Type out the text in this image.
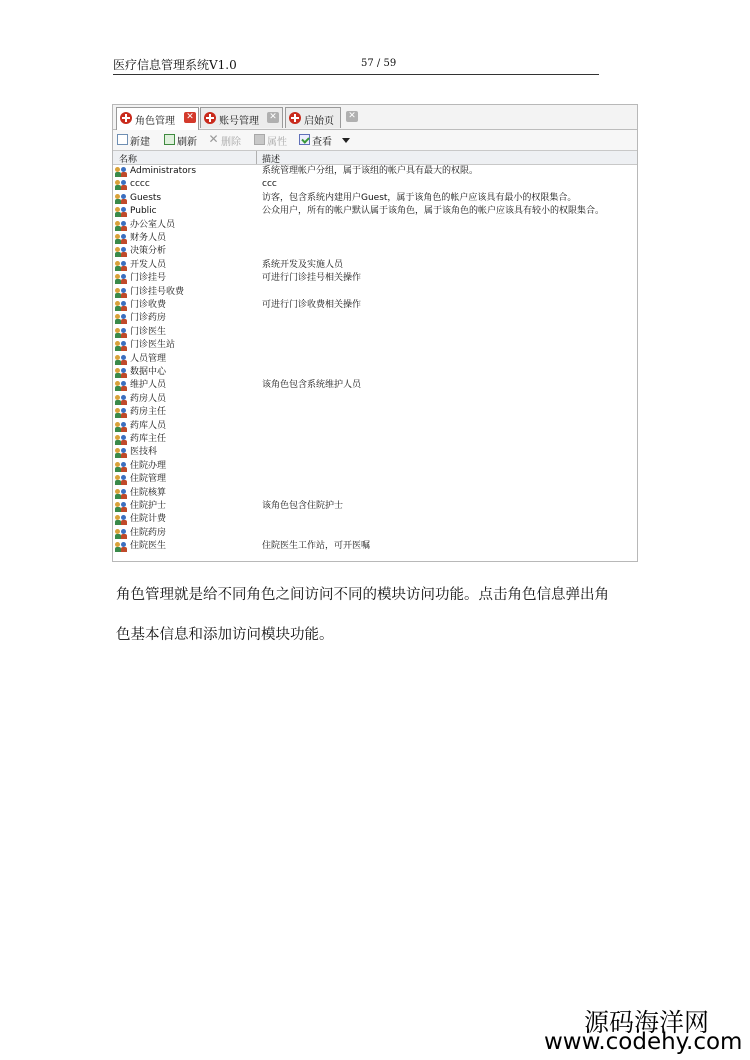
医疗信息管理系统V1.0	57 / 59
角色管理 ✕	账号管理 ✕	启始页 ✕
新建	刷新 ✕ 删除	属性	查看
名称	描述
Administrators	系统管理帐户分组，属于该组的帐户具有最大的权限。
cccc	ccc
Guests	访客，包含系统内建用户Guest，属于该角色的帐户应该具有最小的权限集合。
Public	公众用户，所有的帐户默认属于该角色，属于该角色的帐户应该具有较小的权限集合。
办公室人员
财务人员
决策分析
开发人员	系统开发及实施人员
门诊挂号	可进行门诊挂号相关操作
门诊挂号收费
门诊收费	可进行门诊收费相关操作
门诊药房
门诊医生
门诊医生站
人员管理
数据中心
维护人员	该角色包含系统维护人员
药房人员
药房主任
药库人员
药库主任
医技科
住院办理
住院管理
住院核算
住院护士	该角色包含住院护士
住院计费
住院药房
住院医生	住院医生工作站，可开医嘱
角色管理就是给不同角色之间访问不同的模块访问功能。点击角色信息弹出角
色基本信息和添加访问模块功能。
源码海洋网
www.codehy.com
